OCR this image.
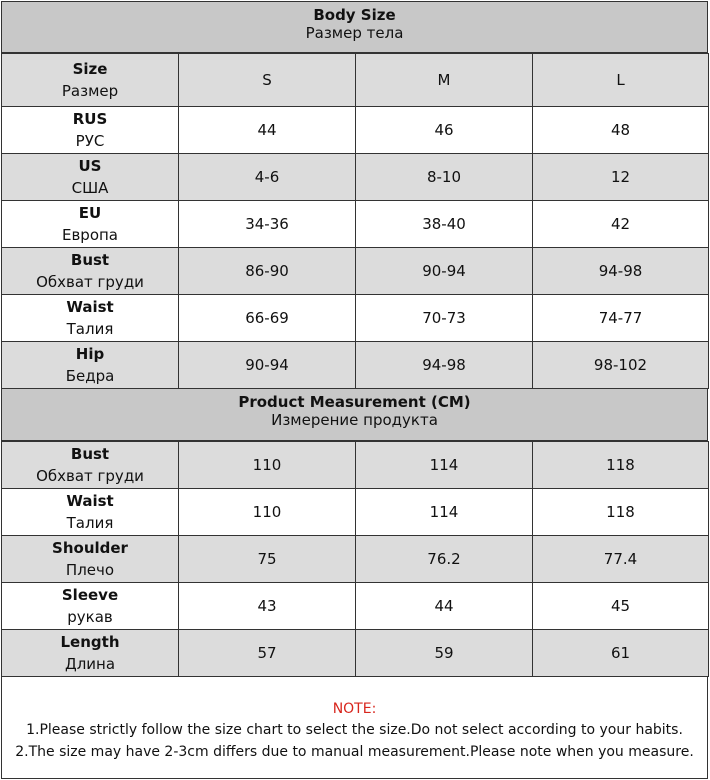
Body Size
Размер тела
Size
Размер	S	M	L

RUS
РУС	44	46	48

US
США	4-6	8-10	12

EU
Европа	34-36	38-40	42

Bust
Обхват груди	86-90	90-94	94-98

Waist
Талия	66-69	70-73	74-77

Hip
Бедра	90-94	94-98	98-102
Product Measurement (CM)
Измерение продукта
Bust
Обхват груди	110	114	118

Waist
Талия	110	114	118

Shoulder
Плечо	75	76.2	77.4

Sleeve
рукав	43	44	45

Length
Длина	57	59	61
NOTE:
1.Please strictly follow the size chart to select the size.Do not select according to your habits.
2.The size may have 2-3cm differs due to manual measurement.Please note when you measure.
